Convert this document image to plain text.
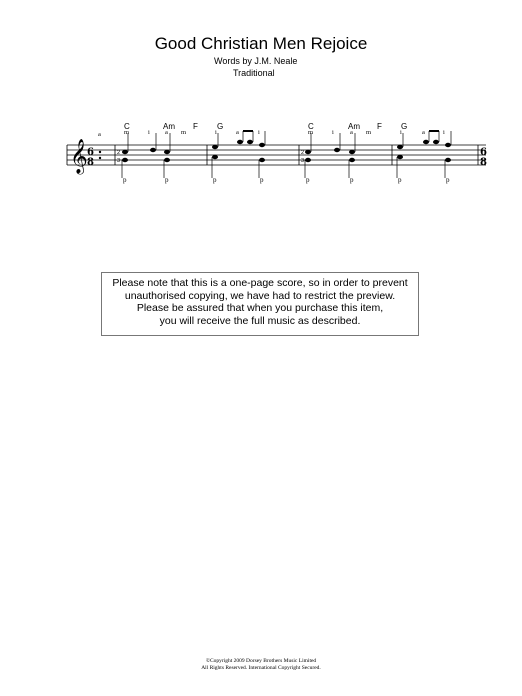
Good Christian Men Rejoice
Words by J.M. Neale
Traditional
C	Am F G	C	Am F G
𝄞 6
8
6
8
p	p	p	p	p	p	p	p
a	m	i a m	i	a	i	m	i a m	i	a	i
2
3
2
3
Please note that this is a one-page score, so in order to prevent
unauthorised copying, we have had to restrict the preview.
Please be assured that when you purchase this item,
you will receive the full music as described.
©Copyright 2009 Dorsey Brothers Music Limited
All Rights Reserved. International Copyright Secured.
